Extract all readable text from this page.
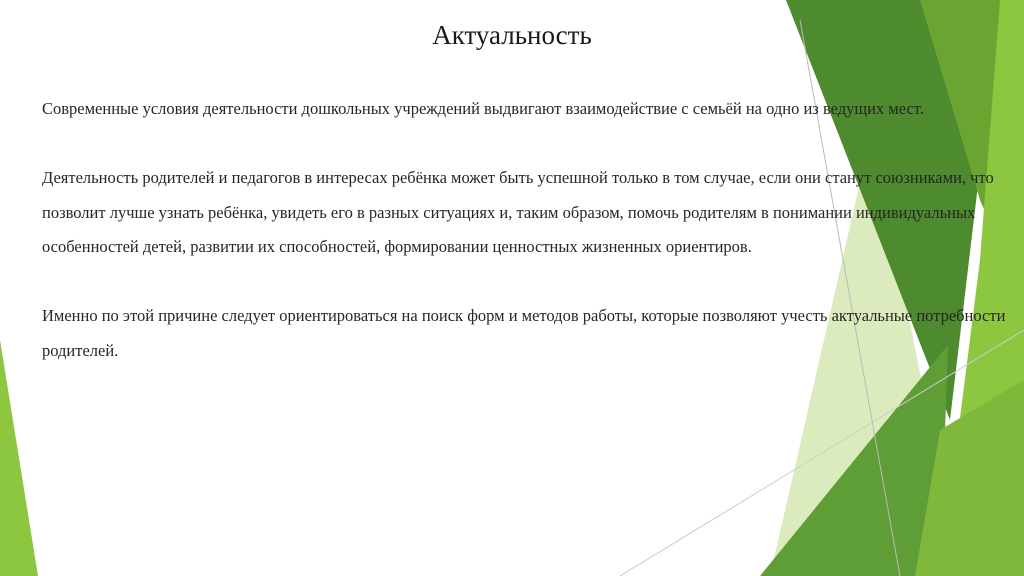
Актуальность

Современные условия деятельности дошкольных учреждений выдвигают взаимодействие с семьёй на одно из ведущих мест.

Деятельность родителей и педагогов в интересах ребёнка может быть успешной только в том случае, если они станут союзниками, что позволит лучше узнать ребёнка, увидеть его в разных ситуациях и, таким образом, помочь родителям в понимании индивидуальных особенностей детей, развитии их способностей, формировании ценностных жизненных ориентиров.

Именно по этой причине следует ориентироваться на поиск форм и методов работы, которые позволяют учесть актуальные потребности родителей.
